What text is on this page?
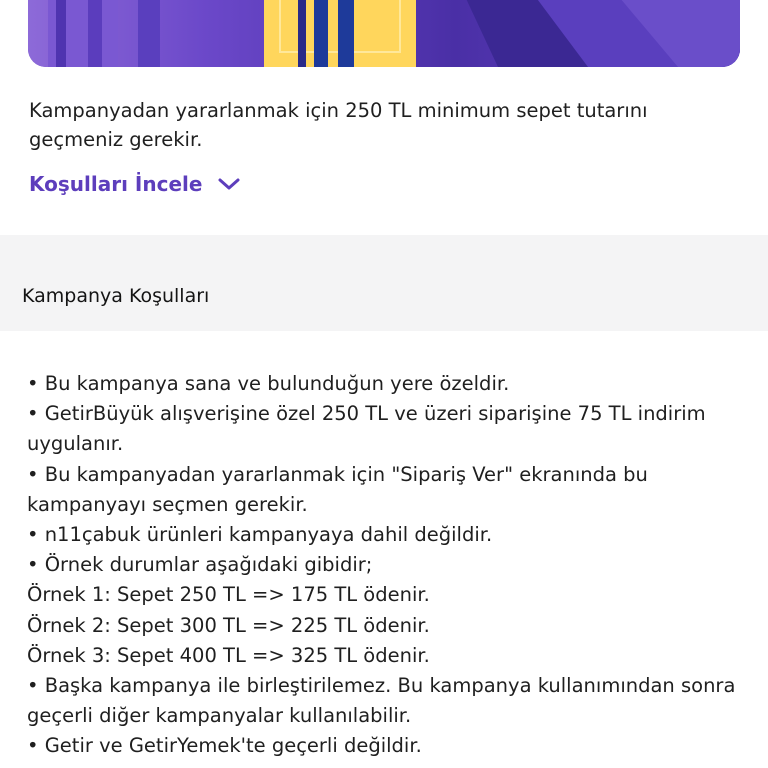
Kampanyadan yararlanmak için 250 TL minimum sepet tutarını geçmeniz gerekir.

Koşulları İncele
Kampanya Koşulları
• Bu kampanya sana ve bulunduğun yere özeldir.
• GetirBüyük alışverişine özel 250 TL ve üzeri siparişine 75 TL indirim uygulanır.
• Bu kampanyadan yararlanmak için "Sipariş Ver" ekranında bu kampanyayı seçmen gerekir.
• n11çabuk ürünleri kampanyaya dahil değildir.
• Örnek durumlar aşağıdaki gibidir;
Örnek 1: Sepet 250 TL => 175 TL ödenir.
Örnek 2: Sepet 300 TL => 225 TL ödenir.
Örnek 3: Sepet 400 TL => 325 TL ödenir.
• Başka kampanya ile birleştirilemez. Bu kampanya kullanımından sonra geçerli diğer kampanyalar kullanılabilir.
• Getir ve GetirYemek'te geçerli değildir.
